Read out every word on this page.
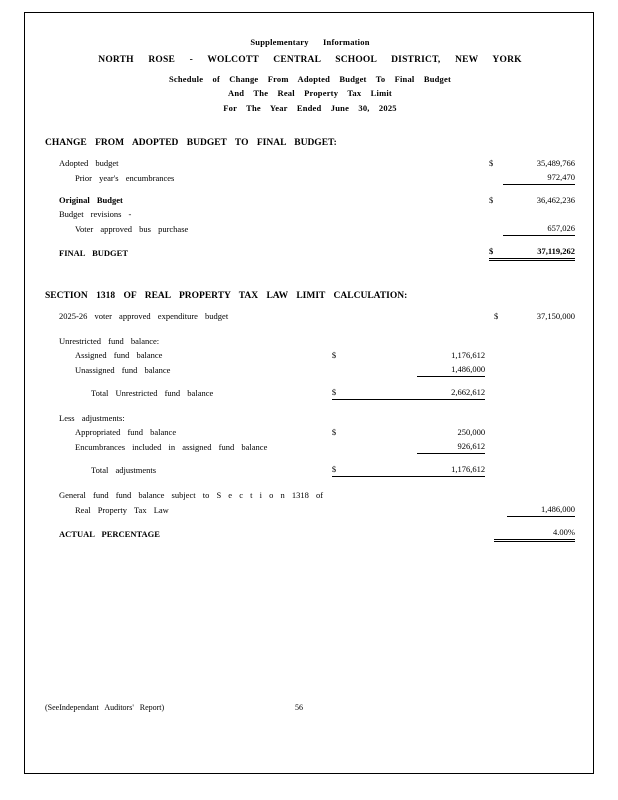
Supplementary Information
NORTH ROSE - WOLCOTT CENTRAL SCHOOL DISTRICT, NEW YORK
Schedule of Change From Adopted Budget To Final Budget
And The Real Property Tax Limit
For The Year Ended June 30, 2025
CHANGE FROM ADOPTED BUDGET TO FINAL BUDGET:
Adopted budget					$	35,489,766
Prior year's encumbrances						972,470

Original Budget					$	36,462,236
Budget revisions -						
Voter approved bus purchase						657,026

FINAL BUDGET					$	37,119,262
SECTION 1318 OF REAL PROPERTY TAX LAW LIMIT CALCULATION:
2025-26 voter approved expenditure budget					$	37,150,000

Unrestricted fund balance:						
Assigned fund balance		$	1,176,612			
Unassigned fund balance			1,486,000			

Total Unrestricted fund balance		$	2,662,612			

Less adjustments:						
Appropriated fund balance		$	250,000			
Encumbrances included in assigned fund balance			926,612			

Total adjustments		$	1,176,612			

General fund fund balance subject to S e c t i o n 1318 of						
Real Property Tax Law						1,486,000

ACTUAL PERCENTAGE						4.00%
(SeeIndependant Auditors' Report)	56
